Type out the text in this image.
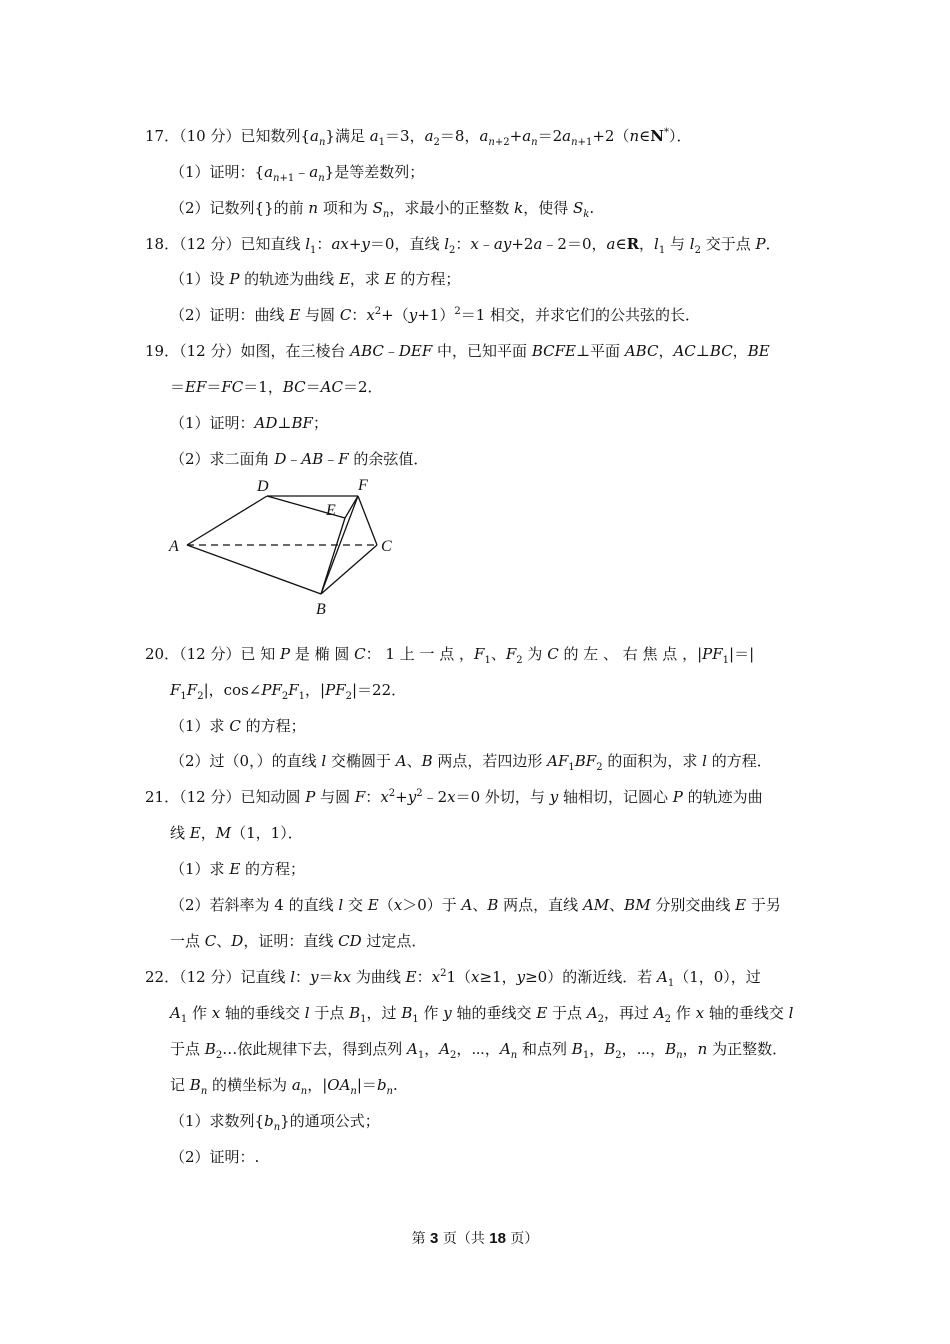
17．（10 分）已知数列$\{a_n\}$满足 $a_1=3$，$a_2=8$，$a_{n+2}+a_n=2a_{n+1}+2(n\in N^*)$．
（1）证明：$\{a_{n+1}﹣a_n\}$是等差数列；
（2）记数列{}的前 n 项和为 $S_n$，求最小的正整数 k，使得 $S_k$.
18．（12 分）已知直线 $l_1$：ax+y＝0，直线 $l_2$：x﹣ay+2a﹣2＝0，a∈R，$l_1$ 与 $l_2$ 交于点 P．
（1）设 P 的轨迹为曲线 E，求 E 的方程；
（2）证明：曲线 E 与圆 C：$x^2+(y+1)^2=1$ 相交，并求它们的公共弦的长．
19．（12 分）如图，在三棱台 ABC﹣DEF 中，已知平面 BCFE⊥平面 ABC，AC⊥BC，BE
＝EF＝FC＝1，BC＝AC＝2．
（1）证明：AD⊥BF；
（2）求二面角 D﹣AB﹣F 的余弦值．
A
B
C
D
E
F
20．（12 分）已 知 P 是 椭 圆 C： 1 上 一 点 ，$F_1$、$F_2$ 为 C 的 左 、 右 焦 点 ，$|PF_1|=|$
$F_1F_2|$，$\cos\angle PF_2F_1$，$|PF_2|=22$．
（1）求 C 的方程；
（2）过（0，）的直线 l 交椭圆于 A、B 两点，若四边形 $AF_1BF_2$ 的面积为，求 l 的方程．
21．（12 分）已知动圆 P 与圆 F：$x^2+y^2﹣2x=0$ 外切，与 y 轴相切，记圆心 P 的轨迹为曲
线 E，M（1，1）．
（1）求 E 的方程；
（2）若斜率为 4 的直线 l 交 E（x＞0）于 A、B 两点，直线 AM、BM 分别交曲线 E 于另
一点 C、D，证明：直线 CD 过定点．
22．（12 分）记直线 l：y＝kx 为曲线 E：$x^21(x\ge 1$，y≥0）的渐近线．若 $A_1(1$，0），过
$A_1$ 作 x 轴的垂线交 l 于点 $B_1$，过 $B_1$ 作 y 轴的垂线交 E 于点 $A_2$，再过 $A_2$ 作 x 轴的垂线交 l
于点 $B_2\dots$依此规律下去，得到点列 $A_1$，$A_2$，⋯，$A_n$ 和点列 $B_1$，$B_2$，⋯，$B_n$，n 为正整数．
记 $B_n$ 的横坐标为 $a_n$，$|OA_n|=b_n$.
（1）求数列$\{b_n\}$的通项公式；
（2）证明：.
第 3 页（共 18 页）
